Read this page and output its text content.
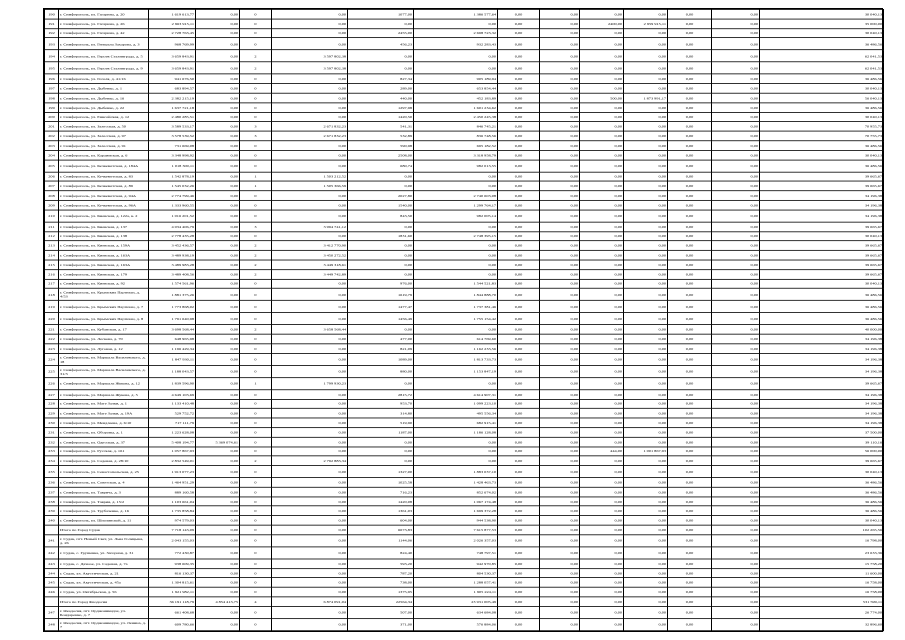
190	г. Симферополь, ул. Гагарина, д. 20	1 619 613,77	0,00	0	0,00	1077,00	1 386 577,64	0,00	0,00	0,00	0,00	0,00	0,00	30 040,13
191	г. Симферополь, ул. Гагарина, д. 26	2 963 915,11	0,00	0	0,00	0,00	0,00	0,00	0,00	2400,00	2 959 915,11	0,00	0,00	35 000,00
192	г. Симферополь, ул. Гагарина, д. 42	2 728 763,45	0,00	0	0,00	2455,00	2 698 723,32	0,00	0,00	0,00	0,00	0,00	0,00	30 040,13
193	г. Симферополь, ул. Генерала Захарова, д. 3	968 769,99	0,00	0	0,00	456,23	932 283,43	0,00	0,00	0,00	0,00	0,00	0,00	36 486,56
194	г. Симферополь, ул. Героев Сталинграда, д. 5	3 659 843,91	0,00	2	3 597 802,38	0,00	0,00	0,00	0,00	0,00	0,00	0,00	0,00	62 041,53
195	г. Симферополь, ул. Героев Сталинграда, д. 9	3 659 843,91	0,00	2	3 597 802,38	0,00	0,00	0,00	0,00	0,00	0,00	0,00	0,00	62 041,53
196	г. Симферополь, ул. Гоголя, д. 41/16	941 676,50	0,00	0	0,00	827,34	905 189,94	0,00	0,00	0,00	0,00	0,00	0,00	36 486,56
197	г. Симферополь, ул. Дыбенко, д. 1	683 894,57	0,00	0	0,00	289,00	653 854,44	0,00	0,00	0,00	0,00	0,00	0,00	30 040,13
198	г. Симферополь, ул. Дыбенко, д. 16	2 382 215,19	0,00	0	0,00	440,00	452 183,89	0,00	0,00	500,00	1 873 991,17	0,00	0,00	56 040,13
199	г. Симферополь, ул. Дыбенко, д. 22	1 637 721,18	0,00	0	0,00	1297,98	1 601 234,62	0,00	0,00	0,00	0,00	0,00	0,00	36 486,56
200	г. Симферополь, ул. Енисейская, д. 12	2 480 285,51	0,00	0	0,00	1420,50	2 450 245,38	0,00	0,00	0,00	0,00	0,00	0,00	30 040,13
201	г. Симферополь, ул. Залесская, д. 50	3 589 533,17	0,00	3	2 671 832,23	541,31	846 745,21	0,00	0,00	0,00	0,00	0,00	0,00	70 955,73
202	г. Симферополь, ул. Залесская, д. 97	3 578 539,52	0,00	3	2 671 832,23	532,89	836 748,56	0,00	0,00	0,00	0,00	0,00	0,00	70 755,73
203	г. Симферополь, ул. Залесская, д. 91	731 669,08	0,00	0	0,00	590,98	695 182,52	0,00	0,00	0,00	0,00	0,00	0,00	36 486,56
204	г. Симферополь, ул. Караимская, д. 6	3 348 998,92	0,00	0	0,00	2508,00	3 318 958,79	0,00	0,00	0,00	0,00	0,00	0,00	30 040,13
205	г. Симферополь, ул. Кечкеметская, д. 184А	1 018 300,11	0,00	0	0,00	680,74	982 013,55	0,00	0,00	0,00	0,00	0,00	0,00	36 486,56
206	г. Симферополь, ул. Кечкеметская, д. 83	1 542 878,19	0,00	1	1 503 212,52	0,00	0,00	0,00	0,00	0,00	0,00	0,00	0,00	39 665,67
207	г. Симферополь, ул. Кечкеметская, д. 89	1 545 032,26	0,00	1	1 505 366,59	0,00	0,00	0,00	0,00	0,00	0,00	0,00	0,00	39 665,67
208	г. Симферополь, ул. Кечкеметская, д. 94А	2 774 799,46	0,00	0	0,00	2027,80	2 740 603,08	0,00	0,00	0,00	0,00	0,00	0,00	34 196,38
209	г. Симферополь, ул. Кечкеметская, д. 96А	1 333 960,55	0,00	0	0,00	1540,00	1 299 764,17	0,00	0,00	0,00	0,00	0,00	0,00	34 196,38
210	г. Симферополь, ул. Киевская, д. 122а, к. 2	1 016 201,52	0,00	0	0,00	843,50	982 005,14	0,00	0,00	0,00	0,00	0,00	0,00	34 196,38
211	г. Симферополь, ул. Киевская, д. 137	4 034 406,79	0,00	3	3 994 741,12	0,00	0,00	0,00	0,00	0,00	0,00	0,00	0,00	39 665,67
212	г. Симферополь, ул. Киевская, д. 138	2 778 435,28	0,00	0	0,00	1831,60	2 748 395,15	0,00	0,00	0,00	0,00	0,00	0,00	30 040,13
213	г. Симферополь, ул. Киевская, д. 159А	3 452 436,57	0,00	2	3 412 770,90	0,00	0,00	0,00	0,00	0,00	0,00	0,00	0,00	39 665,67
214	г. Симферополь, ул. Киевская, д. 163А	3 489 938,19	0,00	2	3 450 272,52	0,00	0,00	0,00	0,00	0,00	0,00	0,00	0,00	39 665,67
215	г. Симферополь, ул. Киевская, д. 163А	3 489 983,28	0,00	2	3 449 318,61	0,00	0,00	0,00	0,00	0,00	0,00	0,00	0,00	39 665,67
216	г. Симферополь, ул. Киевская, д. 179	3 489 408,56	0,00	2	3 449 742,89	0,00	0,00	0,00	0,00	0,00	0,00	0,00	0,00	39 665,67
217	г. Симферополь, ул. Киевская, д. 92	1 574 561,96	0,00	0	0,00	976,00	1 544 521,83	0,00	0,00	0,00	0,00	0,00	0,00	30 040,13
218	г. Симферополь, ул. Крымских Партизан, д. 4/53	1 881 375,26	0,00	0	0,00	1619,79	1 844 888,70	0,00	0,00	0,00	0,00	0,00	0,00	36 486,56
219	г. Симферополь, ул. Крымских Партизан, д. 7	1 773 868,02	0,00	0	0,00	1477,47	1 737 381,46	0,00	0,00	0,00	0,00	0,00	0,00	36 486,56
220	г. Симферополь, ул. Крымских Партизан, д. 8	1 791 640,98	0,00	0	0,00	1456,49	1 755 154,42	0,00	0,00	0,00	0,00	0,00	0,00	36 486,56
221	г. Симферополь, ул. Кубанская, д. 17	3 698 568,44	0,00	2	3 658 568,44	0,00	0,00	0,00	0,00	0,00	0,00	0,00	0,00	40 000,00
222	г. Симферополь, ул. Лескова, д. 70	648 965,98	0,00	0	0,00	477,00	614 769,60	0,00	0,00	0,00	0,00	0,00	0,00	34 196,38
223	г. Симферополь, ул. Луговая, д. 12	1 196 429,34	0,00	0	0,00	821,09	1 162 233,56	0,00	0,00	0,00	0,00	0,00	0,00	34 196,38
224	г. Симферополь, ул. Маршала Василевского, д. 18	1 847 930,11	0,00	0	0,00	1089,00	1 813 733,73	0,00	0,00	0,00	0,00	0,00	0,00	34 196,38
225	г. Симферополь, ул. Маршала Василевского, д. 31/3	1 188 043,57	0,00	0	0,00	880,00	1 153 847,19	0,00	0,00	0,00	0,00	0,00	0,00	34 196,38
226	г. Симферополь, ул. Маршала Жукова, д. 12	1 839 596,90	0,00	1	1 799 930,23	0,00	0,00	0,00	0,00	0,00	0,00	0,00	0,00	39 665,67
227	г. Симферополь, ул. Маршала Жукова, д. 5	4 649 103,69	0,00	0	0,00	2815,72	4 614 907,31	0,00	0,00	0,00	0,00	0,00	0,00	34 196,38
228	г. Симферополь, ул. Мате Залки, д. 1	1 133 410,48	0,00	0	0,00	953,70	1 099 223,10	0,00	0,00	0,00	0,00	0,00	0,00	34 196,38
229	г. Симферополь, ул. Мате Залки, д. 19А	529 752,72	0,00	0	0,00	314,80	495 556,34	0,00	0,00	0,00	0,00	0,00	0,00	34 196,38
230	г. Симферополь, ул. Мендлеева, д. 6/10	717 111,79	0,00	0	0,00	519,90	682 915,41	0,00	0,00	0,00	0,00	0,00	0,00	34 196,38
231	г. Симферополь, ул. Обороны, д. 1	1 223 628,08	0,00	0	0,00	1187,00	1 186 128,08	0,00	0,00	0,00	0,00	0,00	0,00	37 500,00
232	г. Симферополь, ул. Одесская, д. 37	5 408 194,77	5 369 074,61	0	0,00	0,00	0,00	0,00	0,00	0,00	0,00	0,00	0,00	39 110,16
233	г. Симферополь, ул. Pyccкая, д. 161	1 057 867,93	0,00	0	0,00	0,00	0,00	0,00	0,00	444,00	1 001 867,93	0,00	0,00	56 000,00
234	г. Симферополь, ул. Садовая, д. 28/10	2 832 549,01	0,00	2	2 792 883,34	0,00	0,00	0,00	0,00	0,00	0,00	0,00	0,00	39 665,67
235	г. Симферополь, ул. Севастопольская, д. 25	1 913 077,23	0,00	0	0,00	1327,00	1 883 037,10	0,00	0,00	0,00	0,00	0,00	0,00	30 040,13
236	г. Симферополь, ул. Советская, д. 4	1 464 951,29	0,00	0	0,00	1025,58	1 428 463,73	0,00	0,00	0,00	0,00	0,00	0,00	36 486,56
237	г. Симферополь, ул. Таврича, д. 3	889 160,58	0,00	0	0,00	716,23	852 674,02	0,00	0,00	0,00	0,00	0,00	0,00	36 486,56
238	г. Симферополь, ул. Таврия, д. 15/2	1 103 661,04	0,00	0	0,00	1420,08	1 067 174,48	0,00	0,00	0,00	0,00	0,00	0,00	36 486,56
239	г. Симферополь, ул. Трубаченко, д. 16	1 735 858,84	0,00	0	0,00	1361,03	1 699 372,28	0,00	0,00	0,00	0,00	0,00	0,00	36 486,56
240	г. Симферополь, ул. Шполянской, д. 11	974 579,03	0,00	0	0,00	604,00	944 538,90	0,00	0,00	0,00	0,00	0,00	0,00	30 040,13
	Итого по Город Судак	7 718 143,09	0,00	0	0,00	6673,83	7 615 877,53	0,00	0,00	0,00	0,00	0,00	0,00	102 265,56
241	г. Судак, пгт. Новый Свет, ул. Льва Голицына, д. 26	2 043 155,03	0,00	0	0,00	1144,06	2 026 357,03	0,00	0,00	0,00	0,00	0,00	0,00	16 798,00
242	г. Судак, с. Грушевка, ул. Загорная, д. 31	772 430,87	0,00	0	0,00	824,40	748 797,51	0,00	0,00	0,00	0,00	0,00	0,00	23 633,36
243	г. Судак, с. Дачное, ул. Садовая, д. 7а	938 609,35	0,00	0	0,00	593,20	942 970,85	0,00	0,00	0,00	0,00	0,00	0,00	15 758,20
244	г. Судак, ул. Акустическая, д. 21	816 130,37	0,00	0	0,00	787,20	804 530,37	0,00	0,00	0,00	0,00	0,00	0,00	11 600,00
245	г. Судак, ул. Акустическая, д. 45а	1 304 815,61	0,00	0	0,00	738,00	1 288 057,41	0,00	0,00	0,00	0,00	0,00	0,00	16 758,00
246	г. Судак, ул. Октябрьская, д. 56	1 921 982,11	0,00	0	0,00	1375,95	1 905 224,11	0,00	0,00	0,00	0,00	0,00	0,00	16 758,00
	Итого по Город Феодосия	36 191 118,79	4 854 413,75	4	6 874 091,04	22564,34	23 931 005,49	0,00	0,00	0,00	0,00	0,00	0,00	531 599,11
247	г. Феодосия, пгт. Орджоникидзе, ул. Бондаренко, д. 7	661 408,68	0,00	0	0,00	507,00	634 684,08	0,00	0,00	0,00	0,00	0,00	0,00	26 774,00
248	г. Феодосия, пгт. Орджоникидзе, ул. Ленина, д. 7	609 780,66	0,00	0	0,00	371,00	576 884,06	0,00	0,00	0,00	0,00	0,00	0,00	32 896,60
